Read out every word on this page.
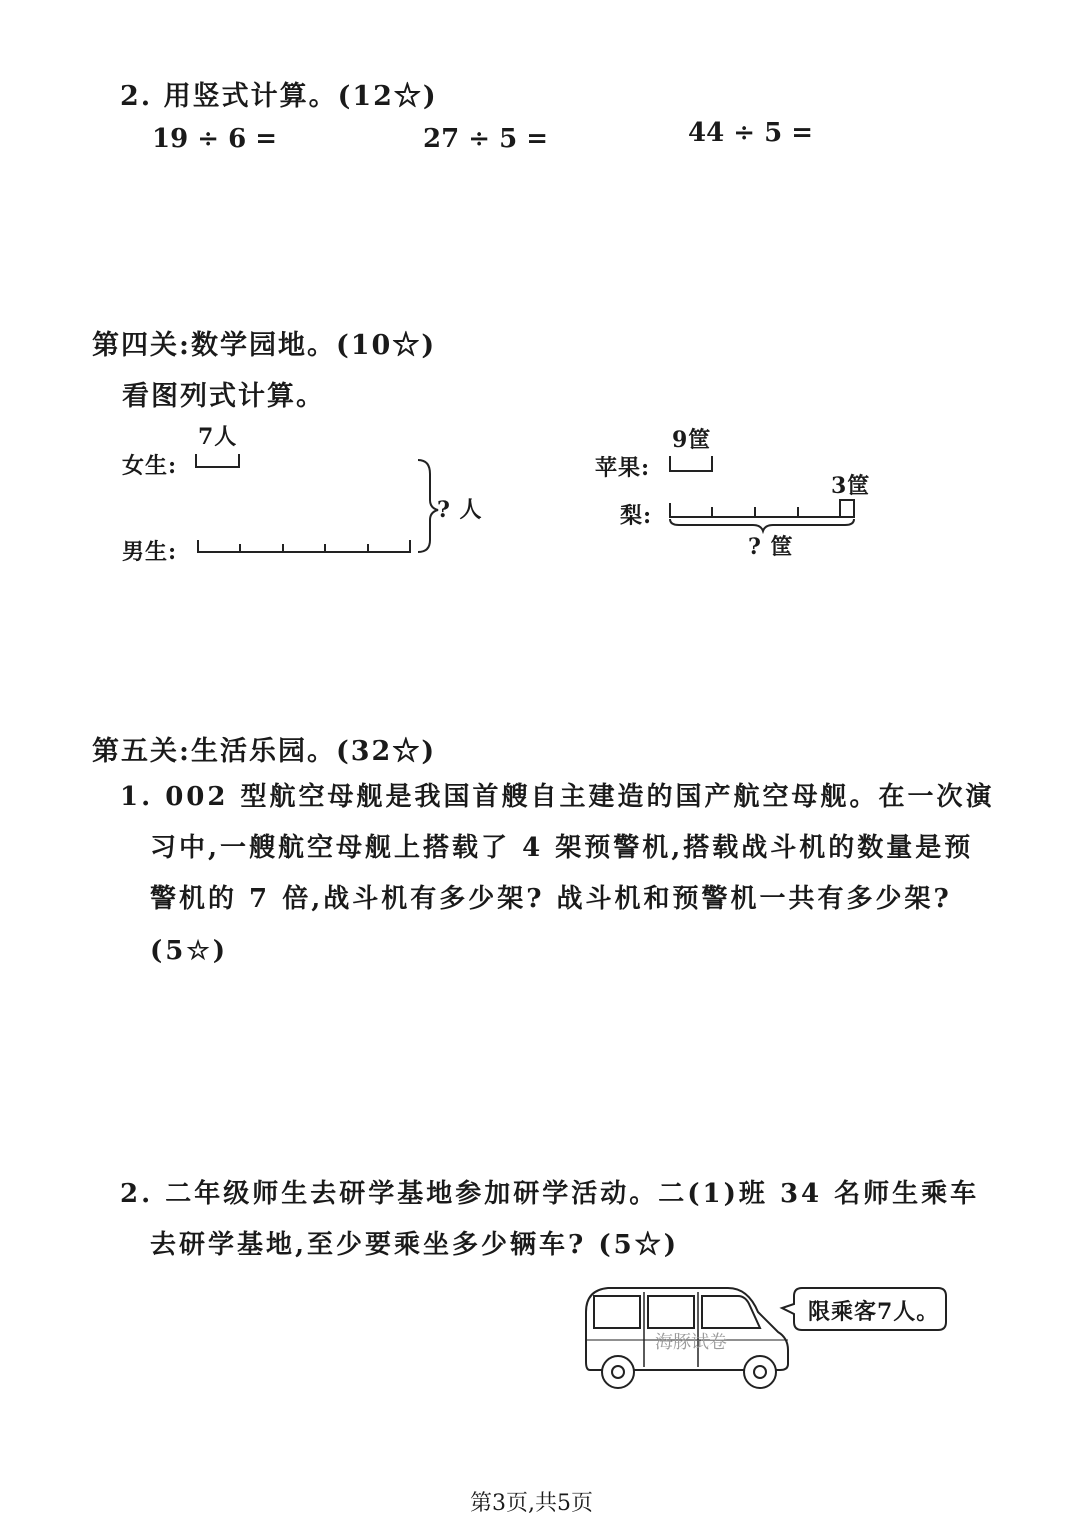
2. 用竖式计算。(12☆)
19 ÷ 6 =	27 ÷ 5 =	44 ÷ 5 =
第四关:数学园地。(10☆)
看图列式计算。
女生:
男生:
7人
? 人
苹果:
梨:
9筐
3筐
? 筐
第五关:生活乐园。(32☆)
1. 002 型航空母舰是我国首艘自主建造的国产航空母舰。在一次演
习中,一艘航空母舰上搭载了 4 架预警机,搭载战斗机的数量是预
警机的 7 倍,战斗机有多少架? 战斗机和预警机一共有多少架?
(5☆)
2. 二年级师生去研学基地参加研学活动。二(1)班 34 名师生乘车
去研学基地,至少要乘坐多少辆车? (5☆)
海豚试卷
限乘客7人。
第3页,共5页
